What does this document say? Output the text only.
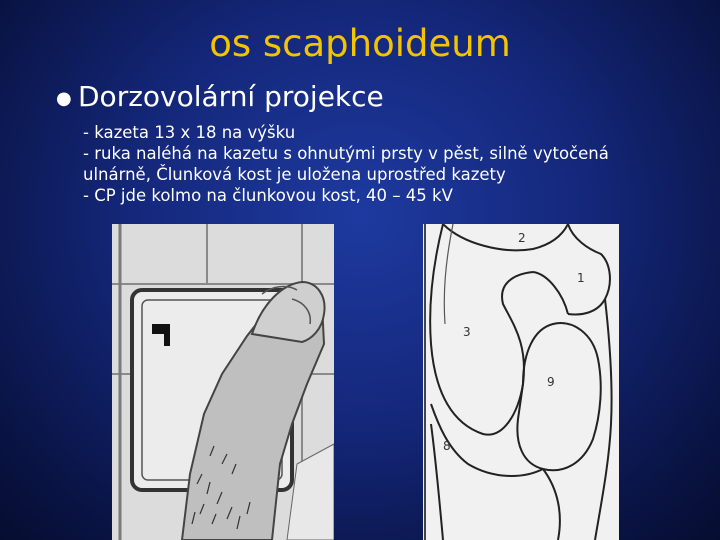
os scaphoideum
● Dorzovolární projekce
- kazeta 13 x 18 na výšku
- ruka naléhá na kazetu s ohnutými prsty v pěst, silně vytočená
ulnárně, Člunková kost je uložena uprostřed kazety
- CP jde kolmo na člunkovou kost, 40 – 45 kV
2
1
3
9
8
